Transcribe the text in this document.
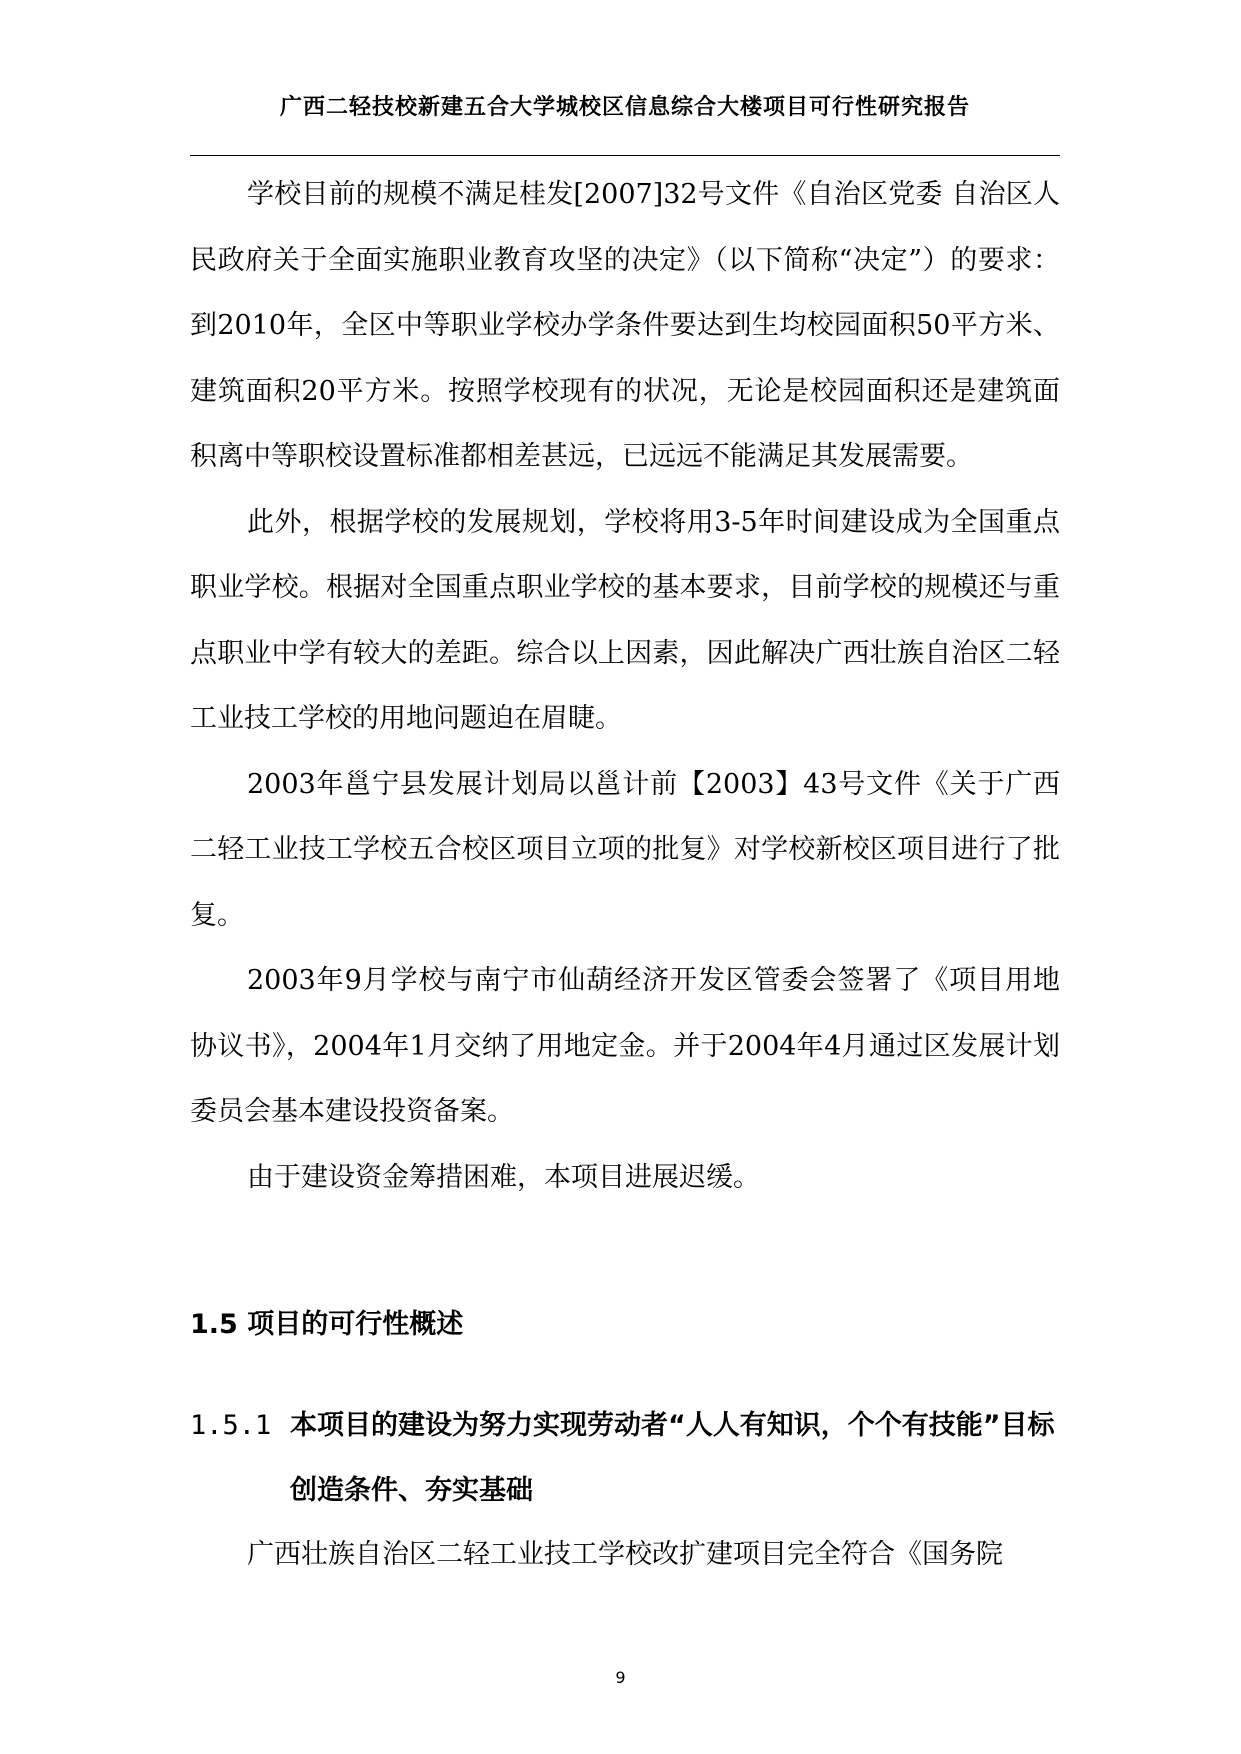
广西二轻技校新建五合大学城校区信息综合大楼项目可行性研究报告

学校目前的规模不满足桂发[2007]32号文件《自治区党委 自治区人民政府关于全面实施职业教育攻坚的决定》（以下简称“决定”）的要求：到2010年，全区中等职业学校办学条件要达到生均校园面积50平方米、建筑面积20平方米。按照学校现有的状况，无论是校园面积还是建筑面积离中等职校设置标准都相差甚远，已远远不能满足其发展需要。

此外，根据学校的发展规划，学校将用3-5年时间建设成为全国重点职业学校。根据对全国重点职业学校的基本要求，目前学校的规模还与重点职业中学有较大的差距。综合以上因素，因此解决广西壮族自治区二轻工业技工学校的用地问题迫在眉睫。

2003年邕宁县发展计划局以邕计前【2003】43号文件《关于广西二轻工业技工学校五合校区项目立项的批复》对学校新校区项目进行了批复。

2003年9月学校与南宁市仙葫经济开发区管委会签署了《项目用地协议书》，2004年1月交纳了用地定金。并于2004年4月通过区发展计划委员会基本建设投资备案。

由于建设资金筹措困难，本项目进展迟缓。

1.5 项目的可行性概述
1.5.1 本项目的建设为努力实现劳动者“人人有知识，个个有技能”目标创造条件、夯实基础

广西壮族自治区二轻工业技工学校改扩建项目完全符合《国务院

9
